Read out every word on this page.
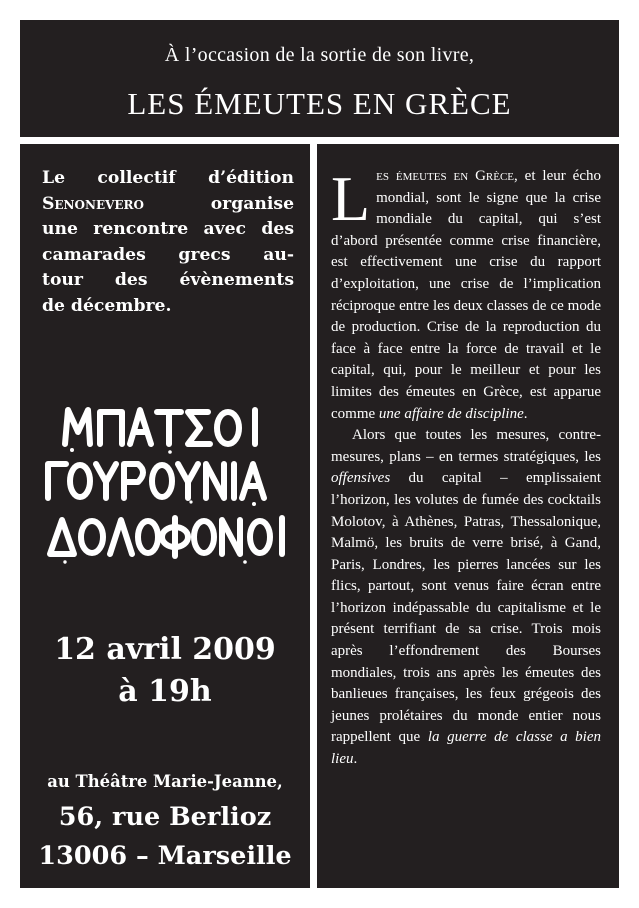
À l’occasion de la sortie de son livre,
LES ÉMEUTES EN GRÈCE
Le collectif d’édition
Senonevero	organise
une rencontre avec des
camarades grecs au-
tour des évènements
de décembre.
12 avril 2009
à 19h
au Théâtre Marie-Jeanne,
56, rue Berlioz
13006 – Marseille

Les émeutes en Grèce, et leur écho mondial, sont le signe que la crise mondiale du capital, qui s’est d’abord présentée comme crise financière, est effectivement une crise du rapport d’exploitation, une crise de l’implication réciproque entre les deux classes de ce mode de production. Crise de la reproduction du face à face entre la force de travail et le capital, qui, pour le meilleur et pour les limites des émeutes en Grèce, est apparue comme une affaire de discipline.

Alors que toutes les mesures, contre-mesures, plans – en termes stratégiques, les offensives du capital – emplissaient l’horizon, les volutes de fumée des cocktails Molotov, à Athènes, Patras, Thessalonique, Malmö, les bruits de verre brisé, à Gand, Paris, Londres, les pierres lancées sur les flics, partout, sont venus faire écran entre l’horizon indépassable du capitalisme et le présent terrifiant de sa crise. Trois mois après l’effondrement des Bourses mondiales, trois ans après les émeutes des banlieues françaises, les feux grégeois des jeunes prolétaires du monde entier nous rappellent que la guerre de classe a bien lieu.
